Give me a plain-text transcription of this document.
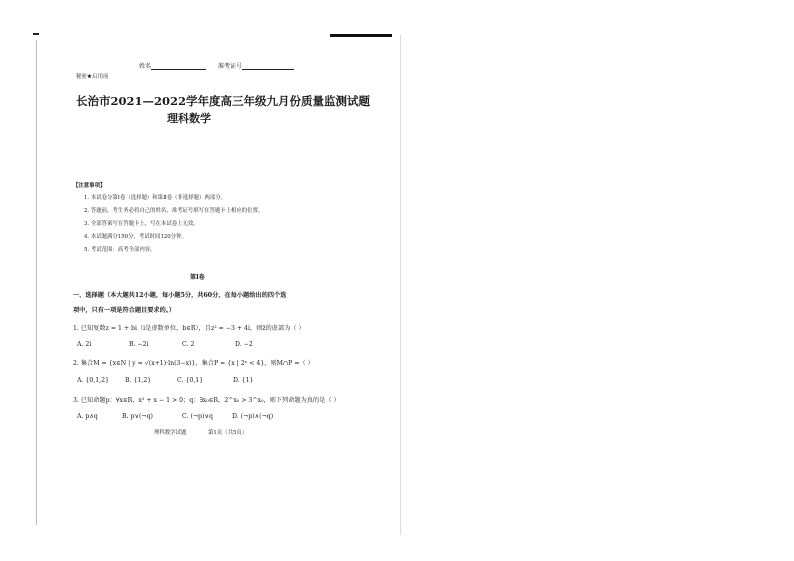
姓名	准考证号
秘密★启用前
长治市2021—2022学年度高三年级九月份质量监测试题
理科数学
【注意事项】
1. 本试卷分第Ⅰ卷（选择题）和第Ⅱ卷（非选择题）两部分。
2. 答题前，考生务必将自己的姓名、准考证号填写在答题卡上相应的位置。
3. 全部答案写在答题卡上，写在本试卷上无效。
4. 本试题满分150分，考试时间120分钟。
5. 考试范围：高考全部内容。
第Ⅰ卷
一、选择题（本大题共12小题，每小题5分，共60分，在每小题给出的四个选
项中，只有一项是符合题目要求的。）
1. 已知复数z = 1 + bi（i是虚数单位，b∈R），且z² = −3 + 4i，则z̄的虚部为（ ）
A. 2i	B. −2i	C. 2	D. −2
2. 集合M = {x∈N | y = √(x+1)·ln(3−x)}，集合P = {x | 2ˣ < 4}，则M∩P =（ ）
A. {0,1,2}	B. {1,2}	C. {0,1}	D. {1}
3. 已知命题p：∀x∈R，x² + x − 1 > 0；q：∃x₀∈R，2^x₀ > 3^x₀，则下列命题为真的是（ ）
A. p∧q	B. p∨(¬q)	C. (¬p)∨q	D. (¬p)∧(¬q)
理科数学试题	第1页（共5页）
